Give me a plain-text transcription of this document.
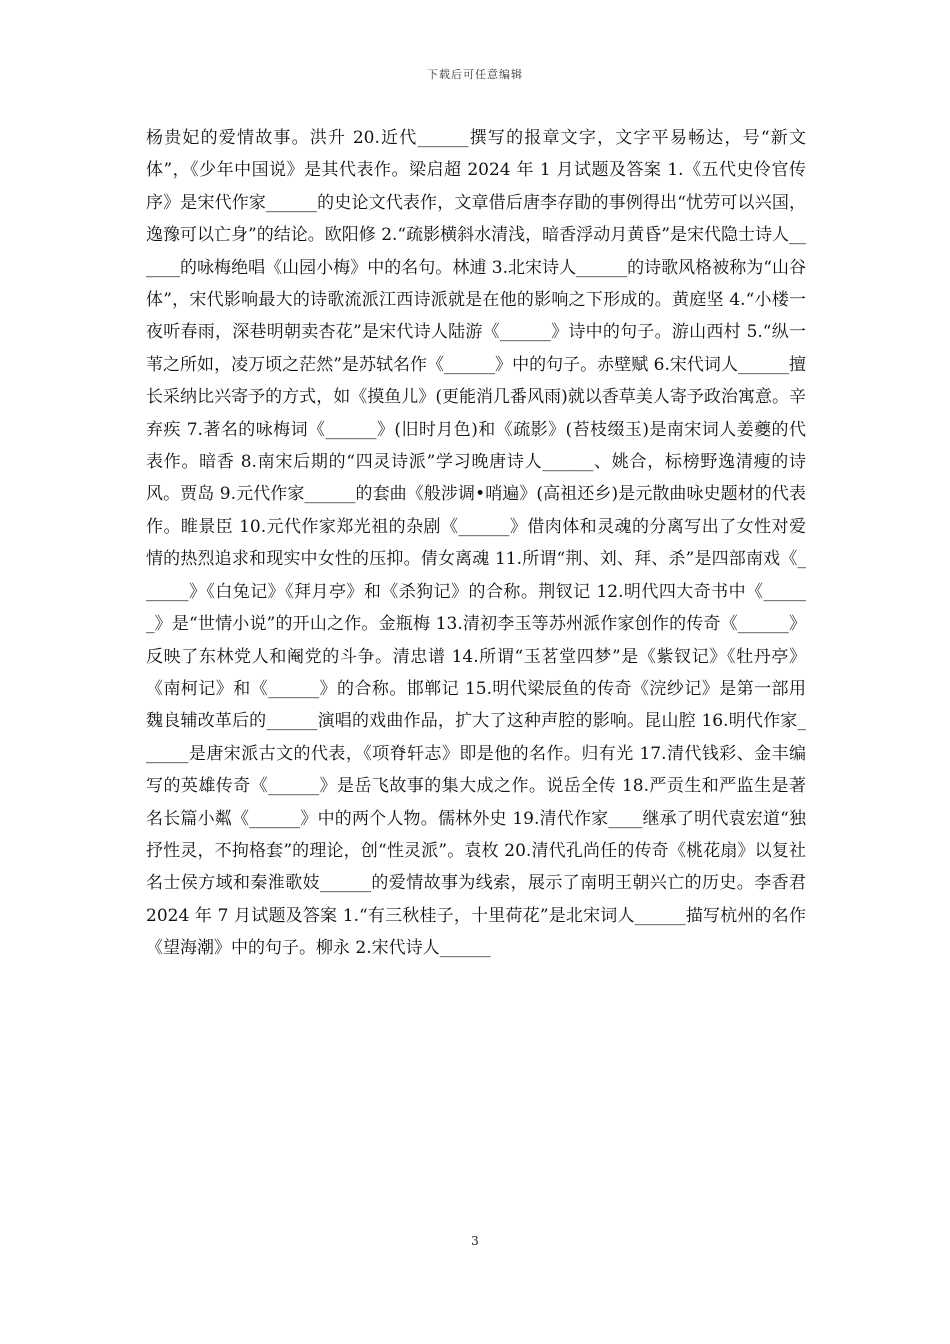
下载后可任意编辑

杨贵妃的爱情故事。洪升 20.近代______撰写的报章文字，文字平易畅达，号“新文体”，《少年中国说》是其代表作。梁启超 2024 年 1 月试题及答案 1.《五代史伶官传序》是宋代作家______的史论文代表作，文章借后唐李存勖的事例得出“忧劳可以兴国，逸豫可以亡身”的结论。欧阳修 2.“疏影横斜水清浅，暗香浮动月黄昏”是宋代隐士诗人______的咏梅绝唱《山园小梅》中的名句。林逋 3.北宋诗人______的诗歌风格被称为“山谷体”，宋代影响最大的诗歌流派江西诗派就是在他的影响之下形成的。黄庭坚 4.“小楼一夜听春雨，深巷明朝卖杏花”是宋代诗人陆游《______》诗中的句子。游山西村 5.“纵一苇之所如，凌万顷之茫然”是苏轼名作《______》中的句子。赤壁赋 6.宋代词人______擅长采纳比兴寄予的方式，如《摸鱼儿》(更能消几番风雨)就以香草美人寄予政治寓意。辛弃疾 7.著名的咏梅词《______》(旧时月色)和《疏影》(苔枝缀玉)是南宋词人姜夔的代表作。暗香 8.南宋后期的“四灵诗派”学习晚唐诗人______、姚合，标榜野逸清瘦的诗风。贾岛 9.元代作家______的套曲《般涉调•哨遍》(高祖还乡)是元散曲咏史题材的代表作。睢景臣 10.元代作家郑光祖的杂剧《______》借肉体和灵魂的分离写出了女性对爱情的热烈追求和现实中女性的压抑。倩女离魂 11.所谓“荆、刘、拜、杀”是四部南戏《______》《白兔记》《拜月亭》和《杀狗记》的合称。荆钗记 12.明代四大奇书中《______》是“世情小说”的开山之作。金瓶梅 13.清初李玉等苏州派作家创作的传奇《______》反映了东林党人和阉党的斗争。清忠谱 14.所谓“玉茗堂四梦”是《紫钗记》《牡丹亭》《南柯记》和《______》的合称。邯郸记 15.明代梁辰鱼的传奇《浣纱记》是第一部用魏良辅改革后的______演唱的戏曲作品，扩大了这种声腔的影响。昆山腔 16.明代作家______是唐宋派古文的代表，《项脊轩志》即是他的名作。归有光 17.清代钱彩、金丰编写的英雄传奇《______》是岳飞故事的集大成之作。说岳全传 18.严贡生和严监生是著名长篇小粼《______》中的两个人物。儒林外史 19.清代作家____继承了明代袁宏道“独抒性灵，不拘格套”的理论，创“性灵派”。袁枚 20.清代孔尚任的传奇《桃花扇》以复社名士侯方域和秦淮歌妓______的爱情故事为线索，展示了南明王朝兴亡的历史。李香君 2024 年 7 月试题及答案 1.“有三秋桂子，十里荷花”是北宋词人______描写杭州的名作《望海潮》中的句子。柳永 2.宋代诗人______

3
